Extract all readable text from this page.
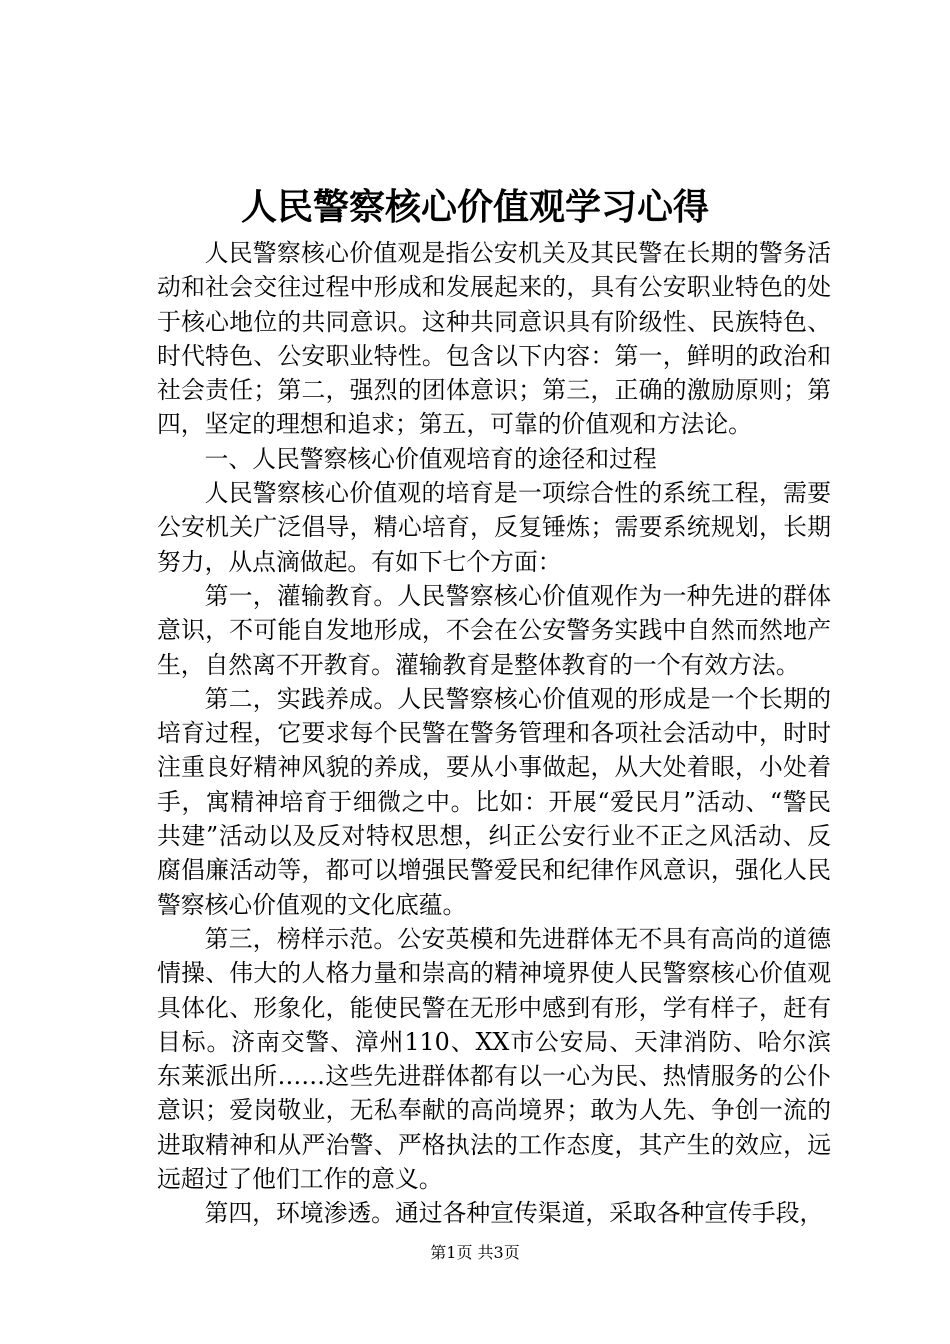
人民警察核心价值观学习心得

人民警察核心价值观是指公安机关及其民警在长期的警务活动和社会交往过程中形成和发展起来的，具有公安职业特色的处于核心地位的共同意识。这种共同意识具有阶级性、民族特色、时代特色、公安职业特性。包含以下内容：第一，鲜明的政治和社会责任；第二，强烈的团体意识；第三，正确的激励原则；第四，坚定的理想和追求；第五，可靠的价值观和方法论。

一、人民警察核心价值观培育的途径和过程

人民警察核心价值观的培育是一项综合性的系统工程，需要公安机关广泛倡导，精心培育，反复锤炼；需要系统规划，长期努力，从点滴做起。有如下七个方面：

第一，灌输教育。人民警察核心价值观作为一种先进的群体意识，不可能自发地形成，不会在公安警务实践中自然而然地产生，自然离不开教育。灌输教育是整体教育的一个有效方法。

第二，实践养成。人民警察核心价值观的形成是一个长期的培育过程，它要求每个民警在警务管理和各项社会活动中，时时注重良好精神风貌的养成，要从小事做起，从大处着眼，小处着手，寓精神培育于细微之中。比如：开展“爱民月”活动、“警民共建”活动以及反对特权思想，纠正公安行业不正之风活动、反腐倡廉活动等，都可以增强民警爱民和纪律作风意识，强化人民警察核心价值观的文化底蕴。

第三，榜样示范。公安英模和先进群体无不具有高尚的道德情操、伟大的人格力量和崇高的精神境界使人民警察核心价值观具体化、形象化，能使民警在无形中感到有形，学有样子，赶有目标。济南交警、漳州110、XX市公安局、天津消防、哈尔滨东莱派出所……这些先进群体都有以一心为民、热情服务的公仆意识；爱岗敬业，无私奉献的高尚境界；敢为人先、争创一流的进取精神和从严治警、严格执法的工作态度，其产生的效应，远远超过了他们工作的意义。

第四，环境渗透。通过各种宣传渠道，采取各种宣传手段，

第1页 共3页
